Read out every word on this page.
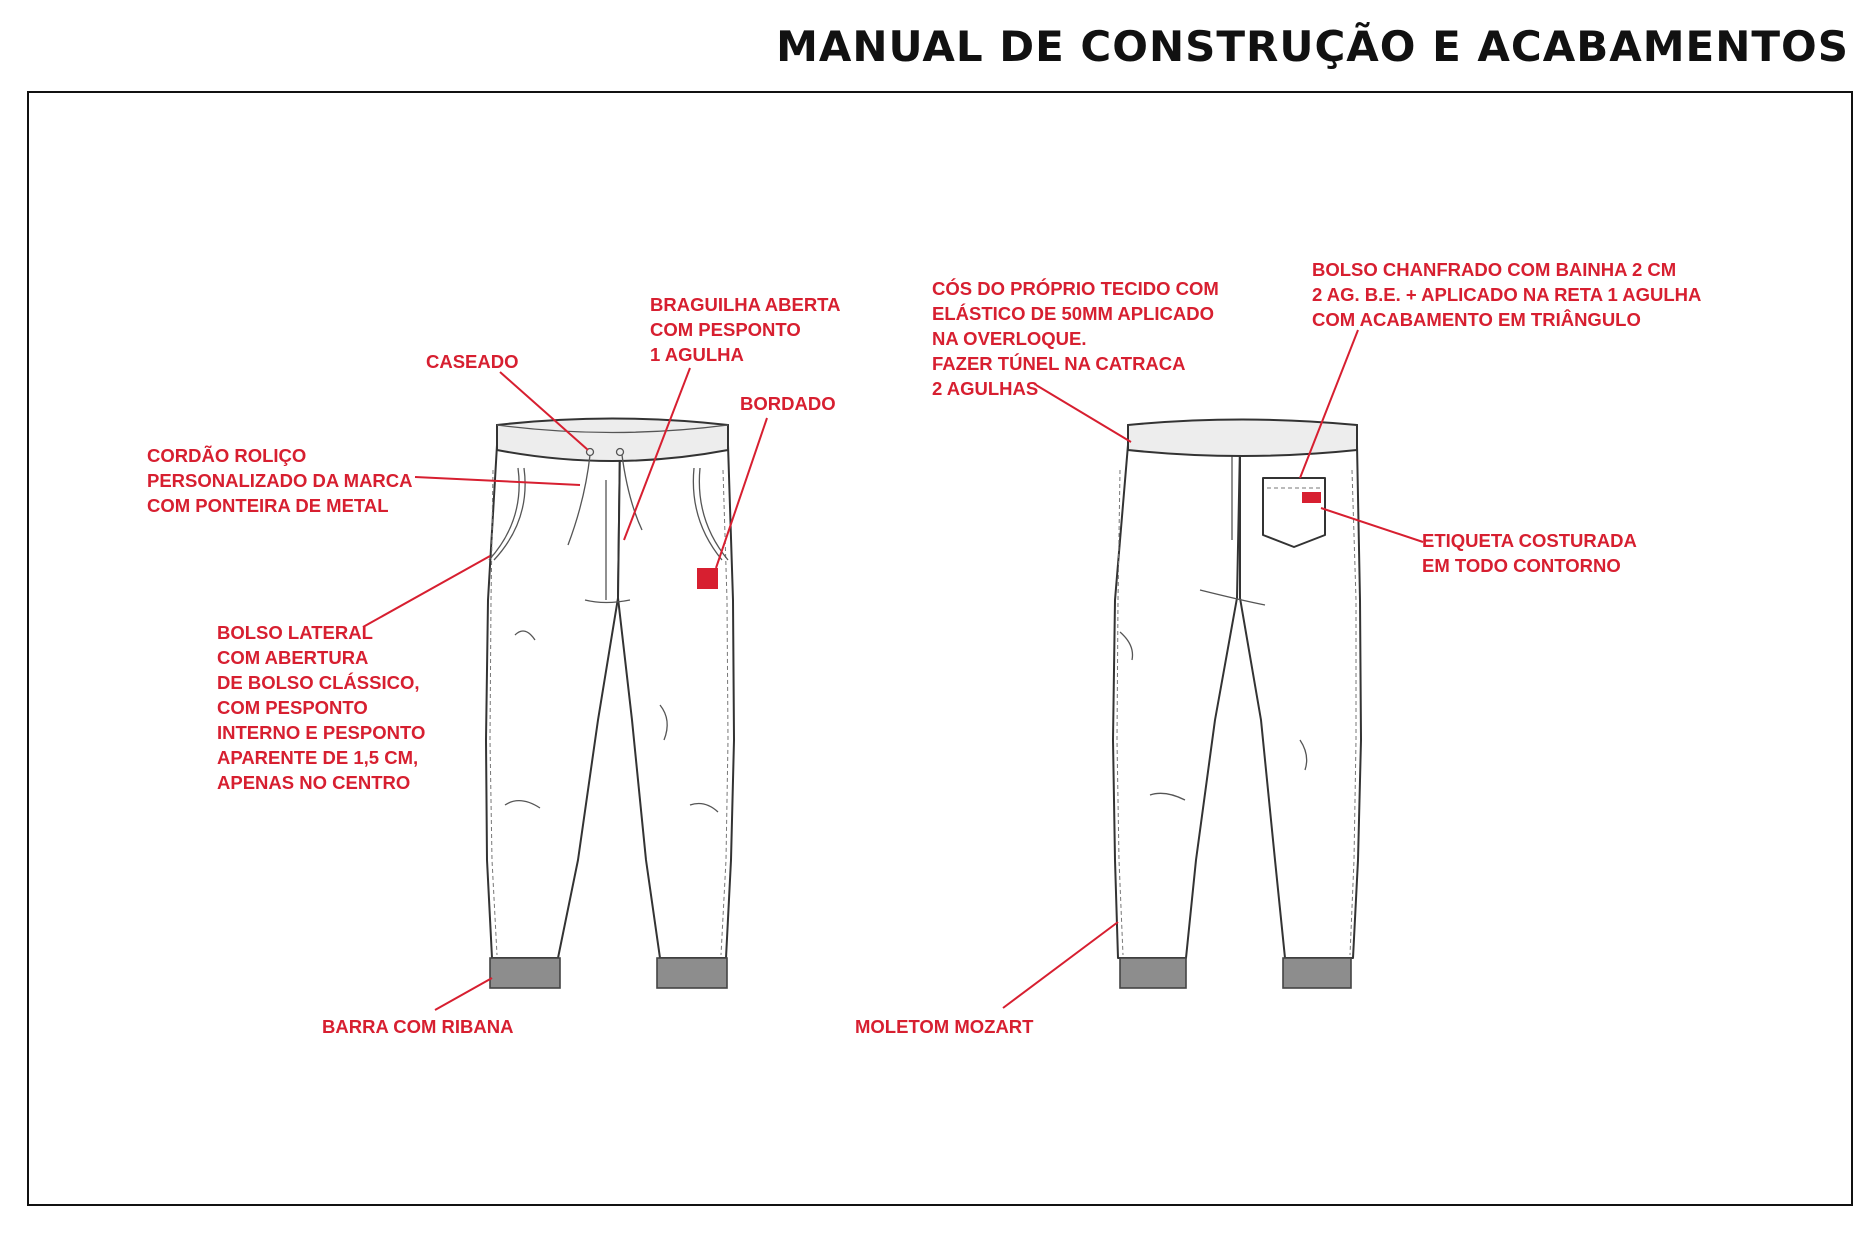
MANUAL DE CONSTRUÇÃO E ACABAMENTOS

CASEADO

BRAGUILHA ABERTA
COM PESPONTO
1 AGULHA

BORDADO

CORDÃO ROLIÇO
PERSONALIZADO DA MARCA
COM PONTEIRA DE METAL

BOLSO LATERAL
COM ABERTURA
DE BOLSO CLÁSSICO,
COM PESPONTO
INTERNO E PESPONTO
APARENTE DE 1,5 CM,
APENAS NO CENTRO

BARRA COM RIBANA

CÓS DO PRÓPRIO TECIDO COM
ELÁSTICO DE 50MM APLICADO
NA OVERLOQUE.
FAZER TÚNEL NA CATRACA
2 AGULHAS

BOLSO CHANFRADO COM BAINHA 2 CM
2 AG. B.E. + APLICADO NA RETA 1 AGULHA
COM ACABAMENTO EM TRIÂNGULO

ETIQUETA COSTURADA
EM TODO CONTORNO

MOLETOM MOZART
